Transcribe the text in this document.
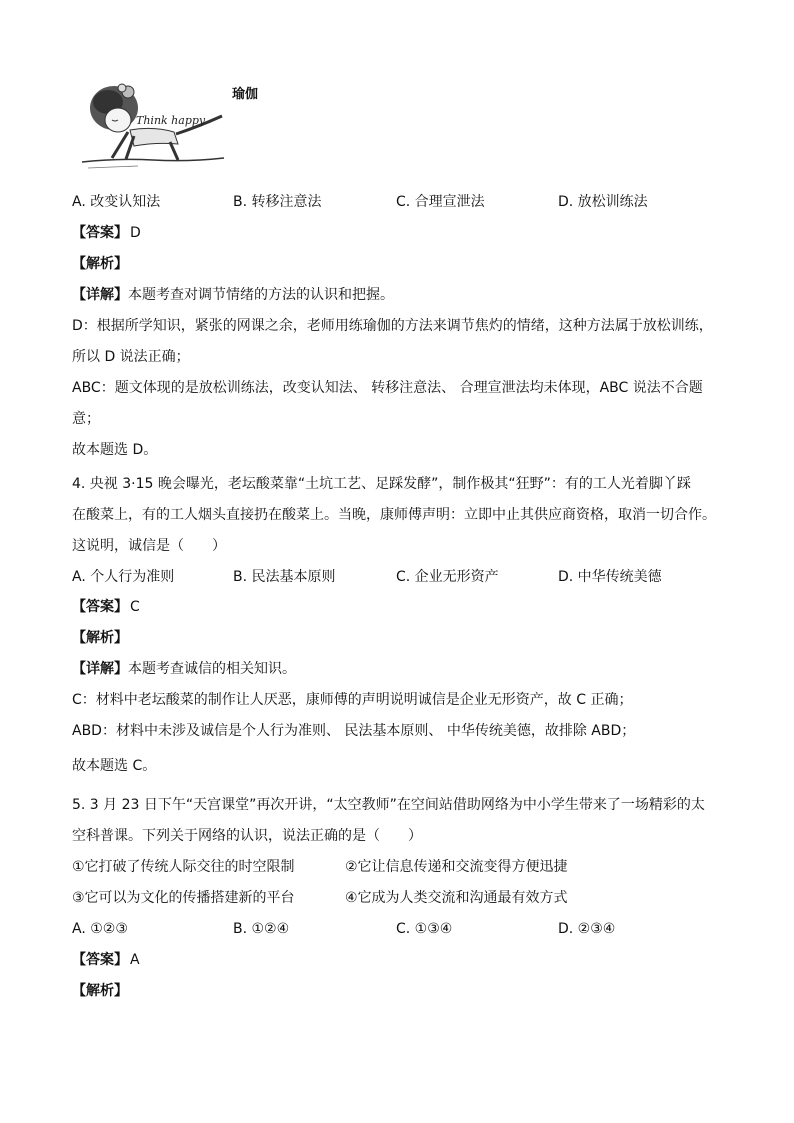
Think happy
瑜伽
A. 改变认知法	B. 转移注意法	C. 合理宣泄法	D. 放松训练法
【答案】 D
【解析】
【详解】本题考查对调节情绪的方法的认识和把握。
D：根据所学知识，紧张的网课之余，老师用练瑜伽的方法来调节焦灼的情绪，这种方法属于放松训练，
所以 D 说法正确；
ABC：题文体现的是放松训练法，改变认知法、 转移注意法、 合理宣泄法均未体现，ABC 说法不合题
意；
故本题选 D。
4. 央视 3·15 晚会曝光，老坛酸菜靠“土坑工艺、足踩发酵”，制作极其“狂野”：有的工人光着脚丫踩
在酸菜上，有的工人烟头直接扔在酸菜上。当晚，康师傅声明：立即中止其供应商资格，取消一切合作。
这说明，诚信是（　　）
A. 个人行为准则	B. 民法基本原则	C. 企业无形资产	D. 中华传统美德
【答案】 C
【解析】
【详解】本题考查诚信的相关知识。
C：材料中老坛酸菜的制作让人厌恶，康师傅的声明说明诚信是企业无形资产，故 C 正确；
ABD：材料中未涉及诚信是个人行为准则、 民法基本原则、 中华传统美德，故排除 ABD；
故本题选 C。
5. 3 月 23 日下午“天宫课堂”再次开讲，“太空教师”在空间站借助网络为中小学生带来了一场精彩的太
空科普课。下列关于网络的认识，说法正确的是（　　）
①它打破了传统人际交往的时空限制	②它让信息传递和交流变得方便迅捷
③它可以为文化的传播搭建新的平台	④它成为人类交流和沟通最有效方式
A. ①②③	B. ①②④	C. ①③④	D. ②③④
【答案】 A
【解析】
